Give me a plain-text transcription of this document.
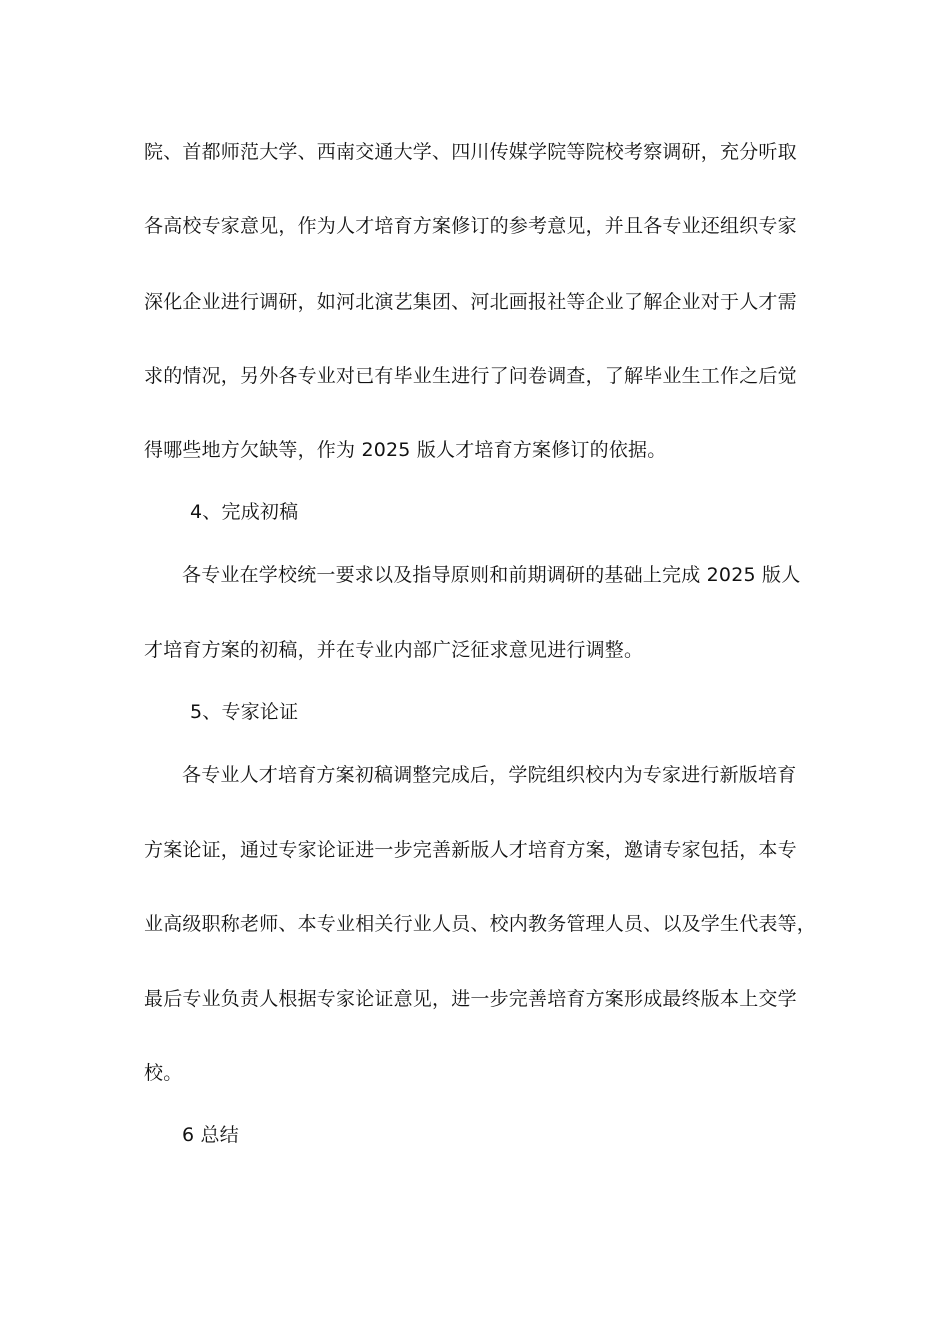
院、首都师范大学、西南交通大学、四川传媒学院等院校考察调研，充分听取
各高校专家意见，作为人才培育方案修订的参考意见，并且各专业还组织专家
深化企业进行调研，如河北演艺集团、河北画报社等企业了解企业对于人才需
求的情况，另外各专业对已有毕业生进行了问卷调查，了解毕业生工作之后觉
得哪些地方欠缺等，作为 2025 版人才培育方案修订的依据。
4、完成初稿
各专业在学校统一要求以及指导原则和前期调研的基础上完成 2025 版人
才培育方案的初稿，并在专业内部广泛征求意见进行调整。
5、专家论证
各专业人才培育方案初稿调整完成后，学院组织校内为专家进行新版培育
方案论证，通过专家论证进一步完善新版人才培育方案，邀请专家包括，本专
业高级职称老师、本专业相关行业人员、校内教务管理人员、以及学生代表等，
最后专业负责人根据专家论证意见，进一步完善培育方案形成最终版本上交学
校。
6 总结
